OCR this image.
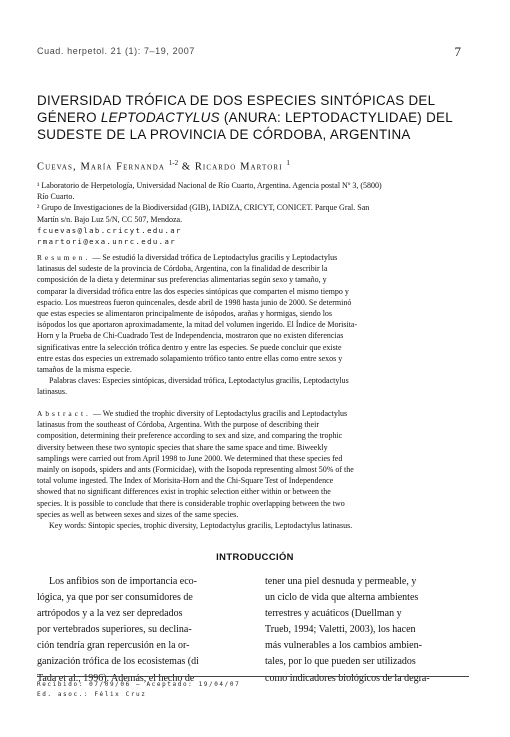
Cuad. herpetol. 21 (1): 7–19, 2007	7
DIVERSIDAD TRÓFICA DE DOS ESPECIES SINTÓPICAS DEL
GÉNERO LEPTODACTYLUS (ANURA: LEPTODACTYLIDAE) DEL
SUDESTE DE LA PROVINCIA DE CÓRDOBA, ARGENTINA
Cuevas, María Fernanda $^{1-2}$ & Ricardo Martori $^1$
¹ Laboratorio de Herpetología, Universidad Nacional de Río Cuarto, Argentina. Agencia postal Nº 3, (5800)
Río Cuarto.
² Grupo de Investigaciones de la Biodiversidad (GIB), IADIZA, CRICYT, CONICET. Parque Gral. San
Martín s/n. Bajo Luz 5/N, CC 507, Mendoza.
fcuevas@lab.cricyt.edu.ar
rmartori@exa.unrc.edu.ar
Resumen. — Se estudió la diversidad trófica de Leptodactylus gracilis y Leptodactylus
latinasus del sudeste de la provincia de Córdoba, Argentina, con la finalidad de describir la
composición de la dieta y determinar sus preferencias alimentarias según sexo y tamaño, y
comparar la diversidad trófica entre las dos especies sintópicas que comparten el mismo tiempo y
espacio. Los muestreos fueron quincenales, desde abril de 1998 hasta junio de 2000. Se determinó
que estas especies se alimentaron principalmente de isópodos, arañas y hormigas, siendo los
isópodos los que aportaron aproximadamente, la mitad del volumen ingerido. El Índice de Morisita-
Horn y la Prueba de Chi-Cuadrado Test de Independencia, mostraron que no existen diferencias
significativas entre la selección trófica dentro y entre las especies. Se puede concluir que existe
entre estas dos especies un extremado solapamiento trófico tanto entre ellas como entre sexos y
tamaños de la misma especie.
Palabras claves: Especies sintópicas, diversidad trófica, Leptodactylus gracilis, Leptodactylus
latinasus.
Abstract. — We studied the trophic diversity of Leptodactylus gracilis and Leptodactylus
latinasus from the southeast of Córdoba, Argentina. With the purpose of describing their
composition, determining their preference according to sex and size, and comparing the trophic
diversity between these two syntopic species that share the same space and time. Biweekly
samplings were carried out from April 1998 to June 2000. We determined that these species fed
mainly on isopods, spiders and ants (Formicidae), with the Isopoda representing almost 50% of the
total volume ingested. The Index of Morisita-Horn and the Chi-Square Test of Independence
showed that no significant differences exist in trophic selection either within or between the
species. It is possible to conclude that there is considerable trophic overlapping between the two
species as well as between sexes and sizes of the same species.
Key words: Sintopic species, trophic diversity, Leptodactylus gracilis, Leptodactylus latinasus.
INTRODUCCIÓN
Los anfibios son de importancia eco-
lógica, ya que por ser consumidores de
artrópodos y a la vez ser depredados
por vertebrados superiores, su declina-
ción tendría gran repercusión en la or-
ganización trófica de los ecosistemas (di
Tada et al., 1996). Además, el hecho de
tener una piel desnuda y permeable, y
un ciclo de vida que alterna ambientes
terrestres y acuáticos (Duellman y
Trueb, 1994; Valetti, 2003), los hacen
más vulnerables a los cambios ambien-
tales, por lo que pueden ser utilizados
como indicadores biológicos de la degra-
Recibido: 07/09/06 — Aceptado: 19/04/07
Ed. asoc.: Félix Cruz
